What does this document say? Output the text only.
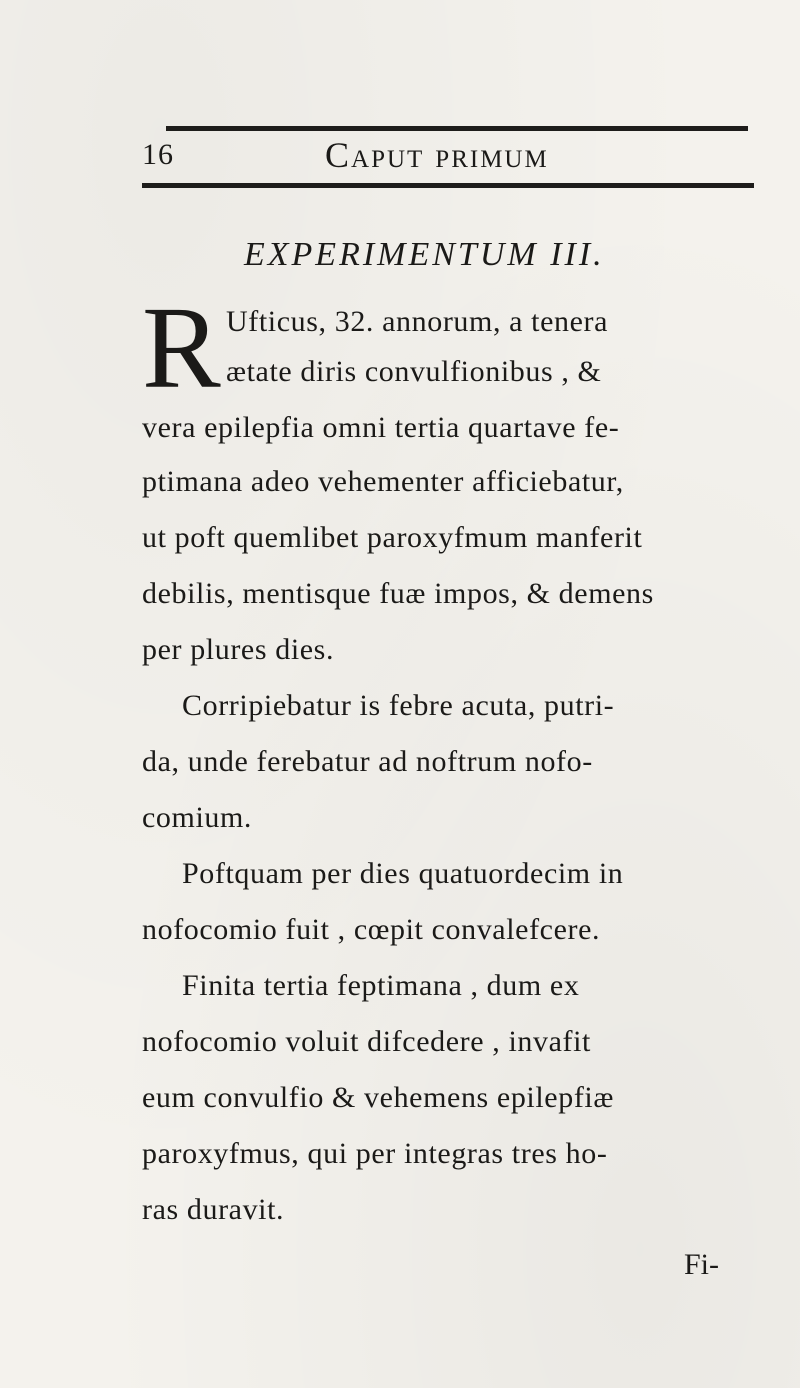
16	Caput primum
EXPERIMENTUM III.
R Ufticus, 32. annorum, a tenera
ætate diris convulfionibus , &
vera epilepfia omni tertia quartave fe-
ptimana adeo vehementer afficiebatur,
ut poft quemlibet paroxyfmum manferit
debilis, mentisque fuæ impos, & demens
per plures dies.
Corripiebatur is febre acuta, putri-
da, unde ferebatur ad noftrum nofo-
comium.
Poftquam per dies quatuordecim in
nofocomio fuit , cœpit convalefcere.
Finita tertia feptimana , dum ex
nofocomio voluit difcedere , invafit
eum convulfio & vehemens epilepfiæ
paroxyfmus, qui per integras tres ho-
ras duravit.
Fi-
